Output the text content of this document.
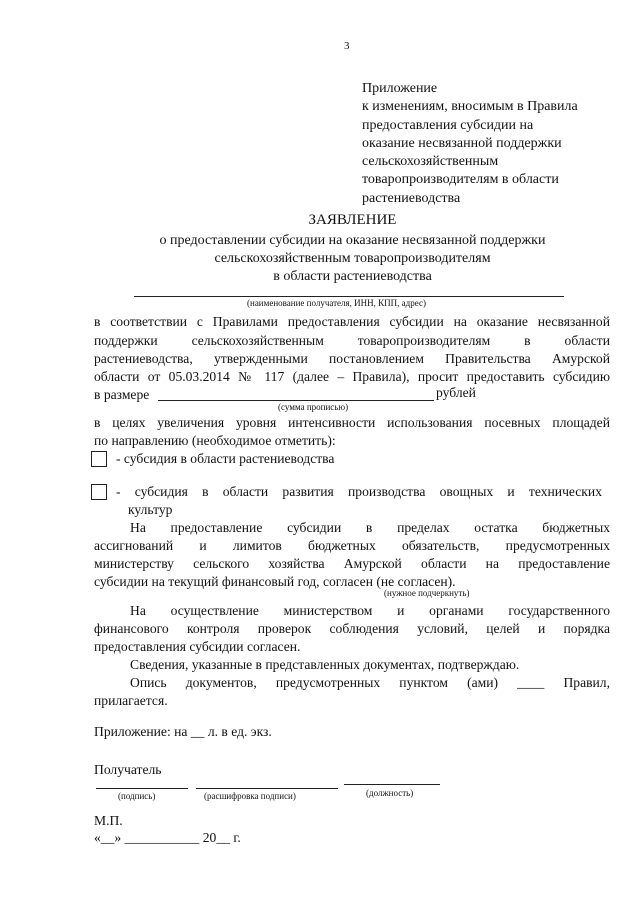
3
Приложение
к изменениям, вносимым в Правила
предоставления субсидии на
оказание несвязанной поддержки
сельскохозяйственным
товаропроизводителям в области
растениеводства
ЗАЯВЛЕНИЕ
о предоставлении субсидии на оказание несвязанной поддержки
сельскохозяйственным товаропроизводителям
в области растениеводства
(наименование получателя, ИНН, КПП, адрес)
в соответствии с Правилами предоставления субсидии на оказание несвязанной
поддержки сельскохозяйственным товаропроизводителям в области
растениеводства, утвержденными постановлением Правительства Амурской
области от 05.03.2014 № 117 (далее – Правила), просит предоставить субсидию
в размере	рублей
(сумма прописью)
в целях увеличения уровня интенсивности использования посевных площадей
по направлению (необходимое отметить):
- субсидия в области растениеводства
- субсидия в области развития производства овощных и технических
культур
На предоставление субсидии в пределах остатка бюджетных
ассигнований и лимитов бюджетных обязательств, предусмотренных
министерству сельского хозяйства Амурской области на предоставление
субсидии на текущий финансовый год, согласен (не согласен).
(нужное подчеркнуть)
На осуществление министерством и органами государственного
финансового контроля проверок соблюдения условий, целей и порядка
предоставления субсидии согласен.
Сведения, указанные в представленных документах, подтверждаю.
Опись документов, предусмотренных пунктом (ами) ____ Правил,
прилагается.
Приложение: на __ л. в ед. экз.
Получатель
(подпись)	(расшифровка подписи)	(должность)
М.П.
«__» ___________ 20__ г.
